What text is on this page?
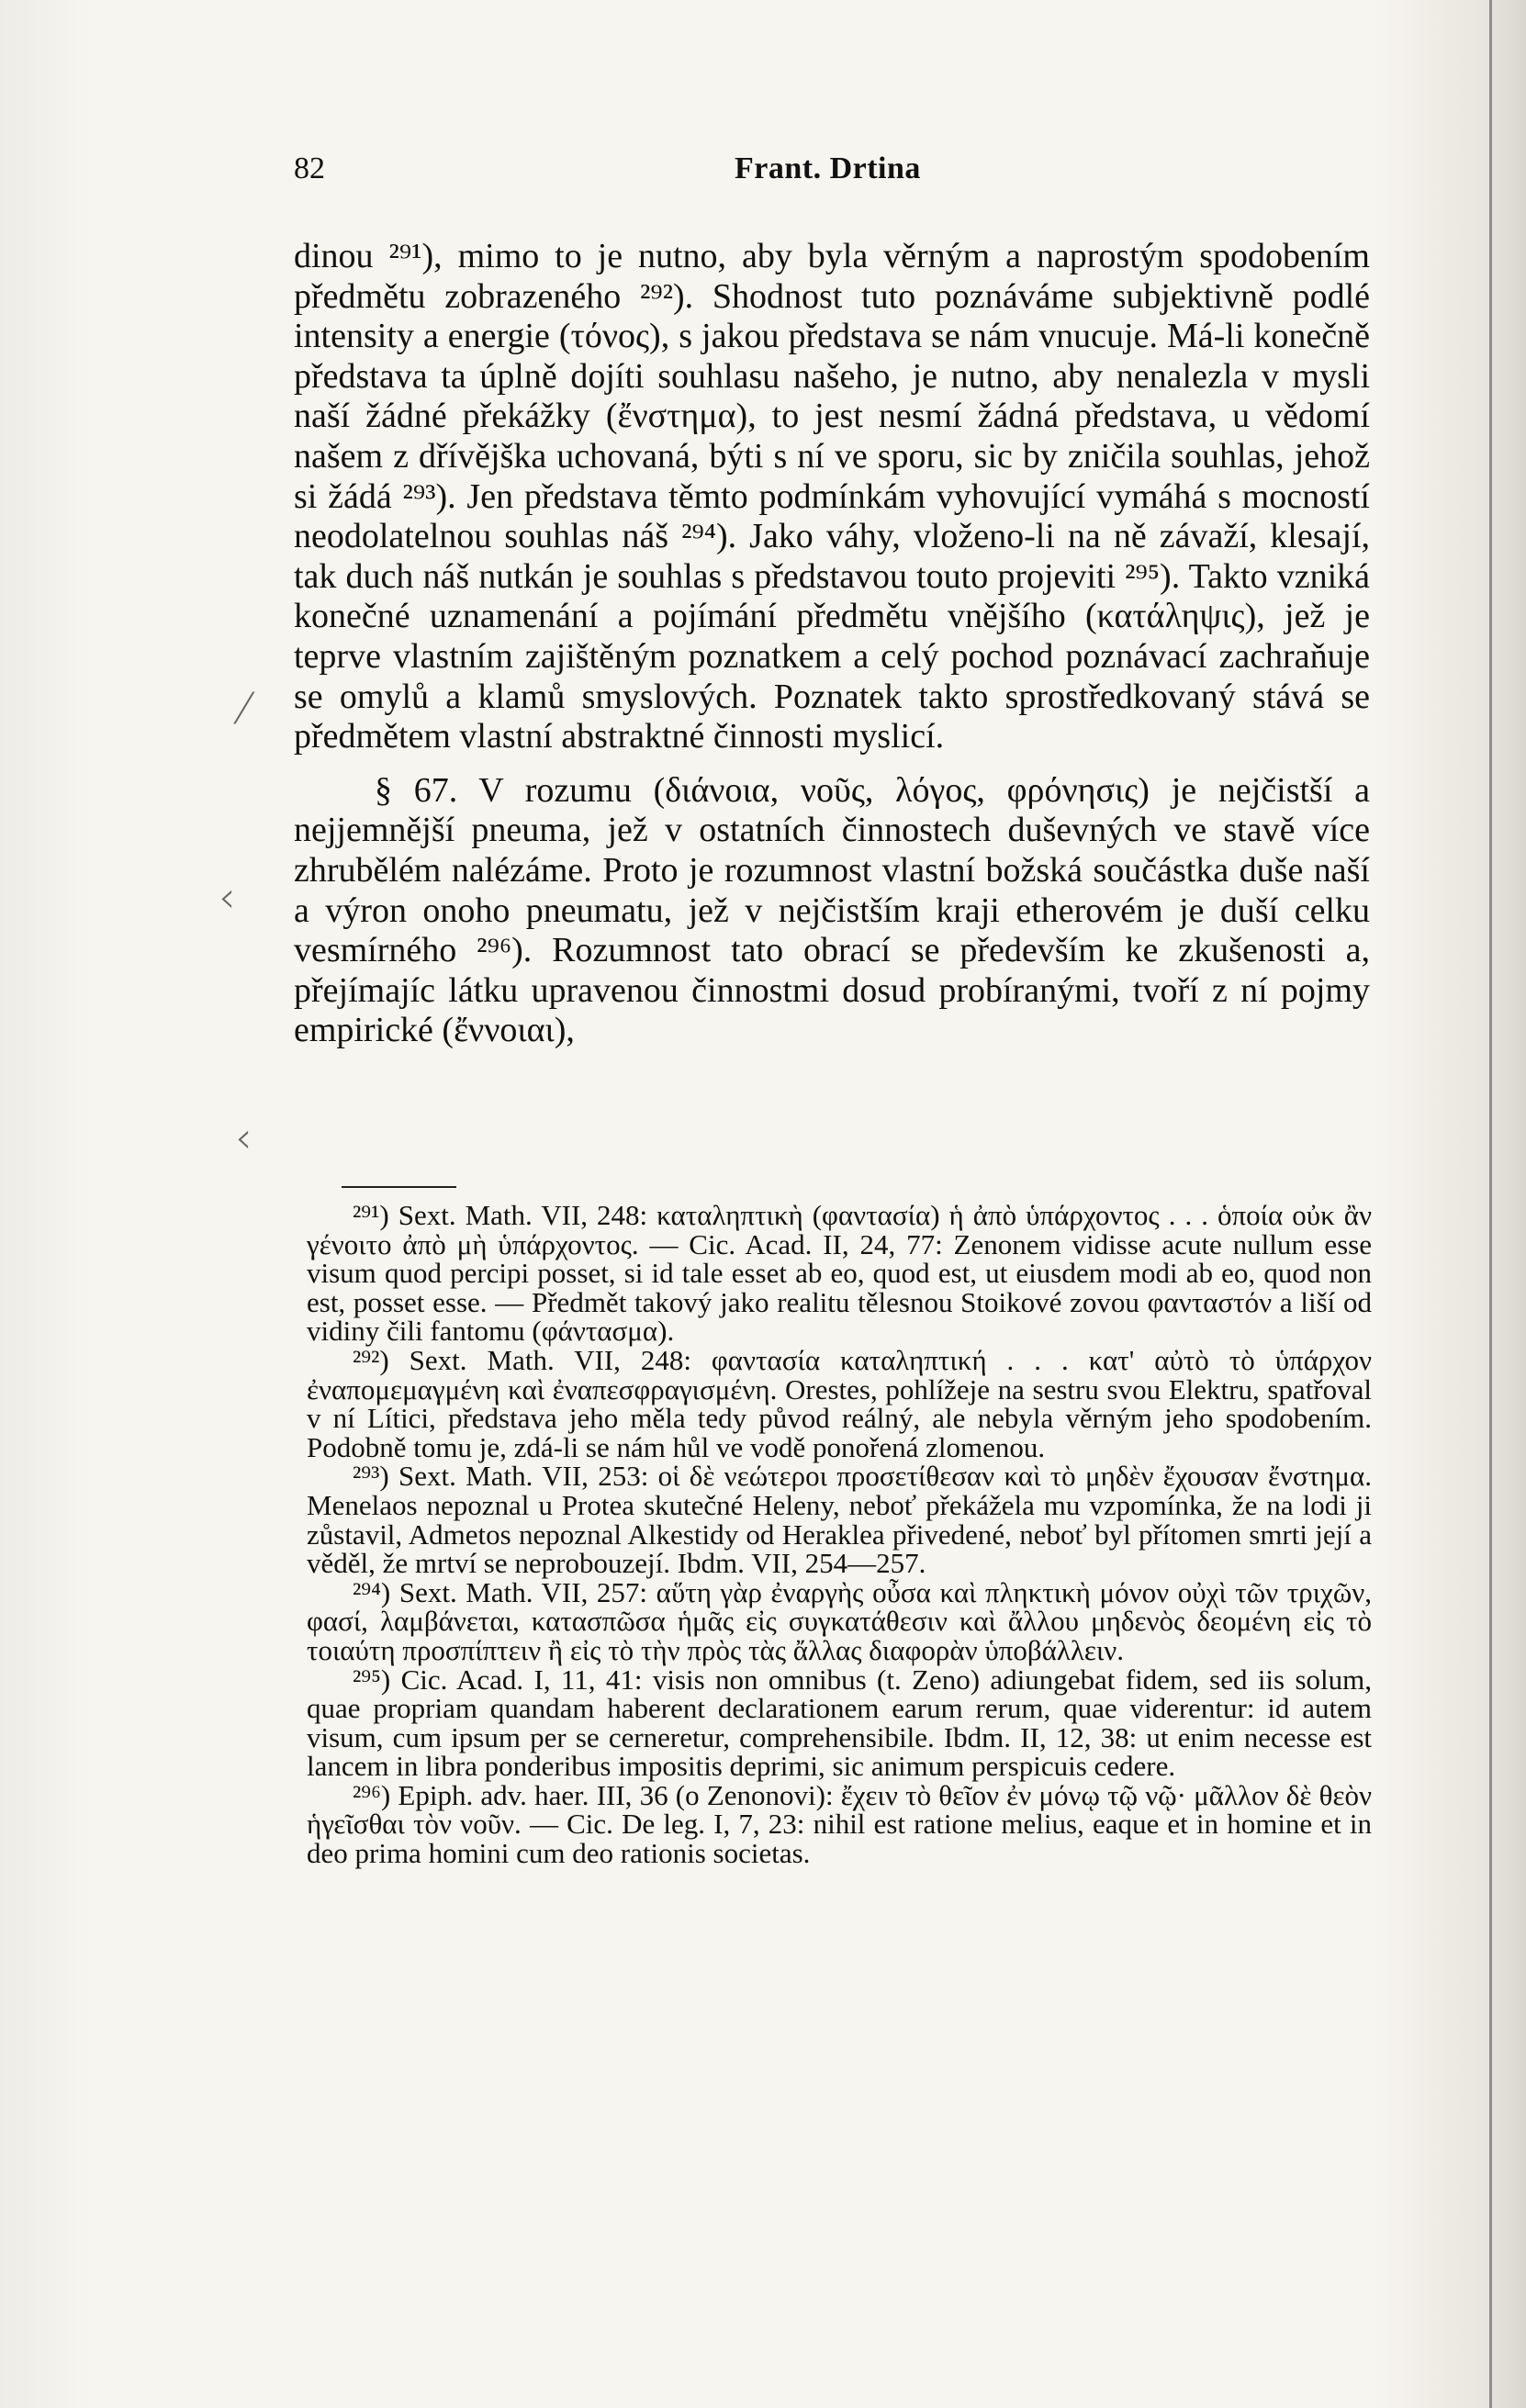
82	Frant. Drtina
⁄
‹
‹

dinou ²⁹¹), mimo to je nutno, aby byla věrným a naprostým spodobením předmětu zobrazeného ²⁹²). Shodnost tuto poznáváme subjektivně podlé intensity a energie (τόνος), s jakou představa se nám vnucuje. Má-li konečně představa ta úplně dojíti souhlasu našeho, je nutno, aby nenalezla v mysli naší žádné překážky (ἔνστημα), to jest nesmí žádná představa, u vědomí našem z dřívějška uchovaná, býti s ní ve sporu, sic by zničila souhlas, jehož si žádá ²⁹³). Jen představa těmto podmínkám vyhovující vymáhá s mocností neodolatelnou souhlas náš ²⁹⁴). Jako váhy, vloženo-li na ně závaží, klesají, tak duch náš nutkán je souhlas s představou touto projeviti ²⁹⁵). Takto vzniká konečné uznamenání a pojímání předmětu vnějšího (κατάληψις), jež je teprve vlastním zajištěným poznatkem a celý pochod poznávací zachraňuje se omylů a klamů smyslových. Poznatek takto sprostředkovaný stává se předmětem vlastní abstraktné činnosti myslicí.

§ 67. V rozumu (διάνοια, νοῦς, λόγος, φρόνησις) je nejčistší a nejjemnější pneuma, jež v ostatních činnostech duševných ve stavě více zhrubělém nalézáme. Proto je rozumnost vlastní božská součástka duše naší a výron onoho pneumatu, jež v nejčistším kraji etherovém je duší celku vesmírného ²⁹⁶). Rozumnost tato obrací se především ke zkušenosti a, přejímajíc látku upravenou činnostmi dosud probíranými, tvoří z ní pojmy empirické (ἔννοιαι),

²⁹¹) Sext. Math. VII, 248: καταληπτικὴ (φαντασία) ἡ ἀπὸ ὑπάρχοντος . . . ὁποία οὐκ ἂν γένοιτο ἀπὸ μὴ ὑπάρχοντος. — Cic. Acad. II, 24, 77: Zenonem vidisse acute nullum esse visum quod percipi posset, si id tale esset ab eo, quod est, ut eiusdem modi ab eo, quod non est, posset esse. — Předmět takový jako realitu tělesnou Stoikové zovou φανταστόν a liší od vidiny čili fantomu (φάντασμα).

²⁹²) Sext. Math. VII, 248: φαντασία καταληπτική . . . κατ' αὐτὸ τὸ ὑπάρχον ἐναπομεμαγμένη καὶ ἐναπεσφραγισμένη. Orestes, pohlížeje na sestru svou Elektru, spatřoval v ní Lítici, představa jeho měla tedy původ reálný, ale nebyla věrným jeho spodobením. Podobně tomu je, zdá-li se nám hůl ve vodě ponořená zlomenou.

²⁹³) Sext. Math. VII, 253: οἱ δὲ νεώτεροι προσετίθεσαν καὶ τὸ μηδὲν ἔχουσαν ἔνστημα. Menelaos nepoznal u Protea skutečné Heleny, neboť překážela mu vzpomínka, že na lodi ji zůstavil, Admetos nepoznal Alkestidy od Herakleа přivedené, neboť byl přítomen smrti její a věděl, že mrtví se neprobouzejí. Ibdm. VII, 254—257.

²⁹⁴) Sext. Math. VII, 257: αὕτη γὰρ ἐναργὴς οὖσα καὶ πληκτικὴ μόνον οὐχὶ τῶν τριχῶν, φασί, λαμβάνεται, κατασπῶσα ἡμᾶς εἰς συγκατάθεσιν καὶ ἄλλου μηδενὸς δεομένη εἰς τὸ τοιαύτη προσπίπτειν ἢ εἰς τὸ τὴν πρὸς τὰς ἄλλας διαφορὰν ὑποβάλλειν.

²⁹⁵) Cic. Acad. I, 11, 41: visis non omnibus (t. Zeno) adiungebat fidem, sed iis solum, quae propriam quandam haberent declarationem earum rerum, quae viderentur: id autem visum, cum ipsum per se cerneretur, comprehensibile. Ibdm. II, 12, 38: ut enim necesse est lancem in libra ponderibus impositis deprimi, sic animum perspicuis cedere.

²⁹⁶) Epiph. adv. haer. III, 36 (o Zenonovi): ἔχειν τὸ θεῖον ἐν μόνῳ τῷ νῷ· μᾶλλον δὲ θεὸν ἡγεῖσθαι τὸν νοῦν. — Cic. De leg. I, 7, 23: nihil est ratione melius, eaque et in homine et in deo prima homini cum deo rationis societas.
